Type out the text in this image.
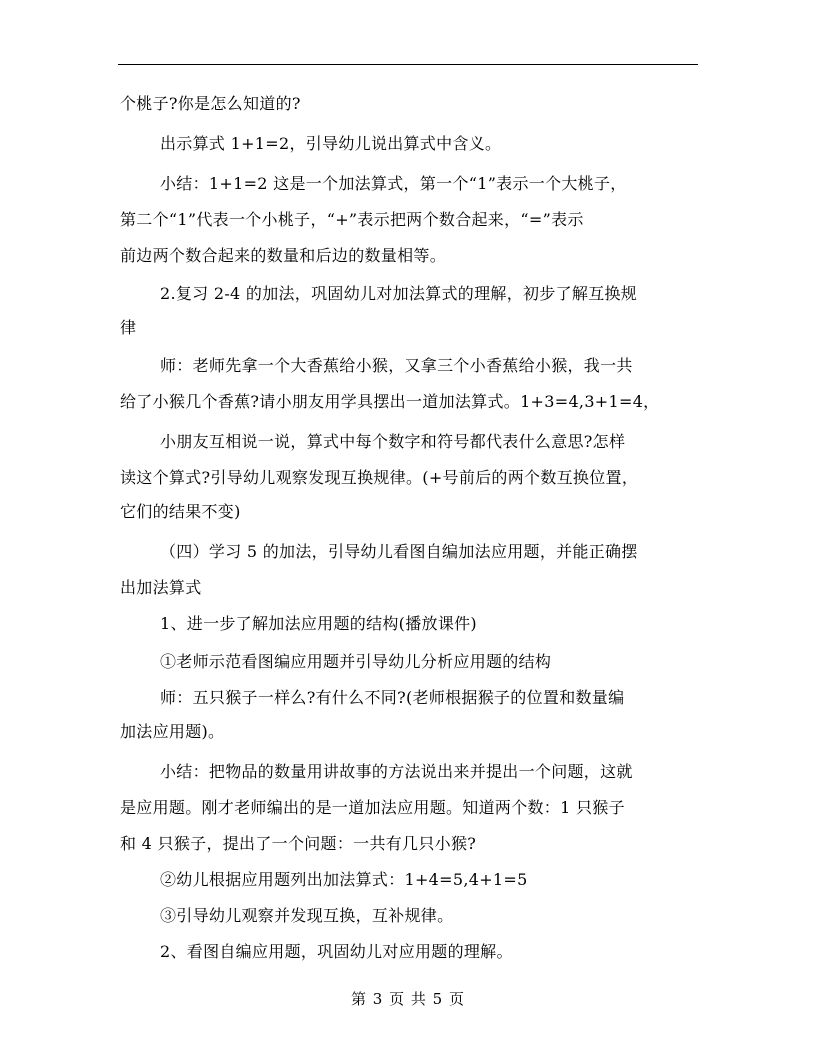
个桃子?你是怎么知道的?
出示算式 1+1=2，引导幼儿说出算式中含义。
小结：1+1=2 这是一个加法算式，第一个“1”表示一个大桃子，
第二个“1”代表一个小桃子，“+”表示把两个数合起来，“=”表示
前边两个数合起来的数量和后边的数量相等。
2.复习 2-4 的加法，巩固幼儿对加法算式的理解，初步了解互换规
律
师：老师先拿一个大香蕉给小猴，又拿三个小香蕉给小猴，我一共
给了小猴几个香蕉?请小朋友用学具摆出一道加法算式。1+3=4,3+1=4，
小朋友互相说一说，算式中每个数字和符号都代表什么意思?怎样
读这个算式?引导幼儿观察发现互换规律。(+号前后的两个数互换位置，
它们的结果不变)
（四）学习 5 的加法，引导幼儿看图自编加法应用题，并能正确摆
出加法算式
1、进一步了解加法应用题的结构(播放课件)
①老师示范看图编应用题并引导幼儿分析应用题的结构
师：五只猴子一样么?有什么不同?(老师根据猴子的位置和数量编
加法应用题)。
小结：把物品的数量用讲故事的方法说出来并提出一个问题，这就
是应用题。刚才老师编出的是一道加法应用题。知道两个数：1 只猴子
和 4 只猴子，提出了一个问题：一共有几只小猴?
②幼儿根据应用题列出加法算式：1+4=5,4+1=5
③引导幼儿观察并发现互换，互补规律。
2、看图自编应用题，巩固幼儿对应用题的理解。
第 3 页 共 5 页
